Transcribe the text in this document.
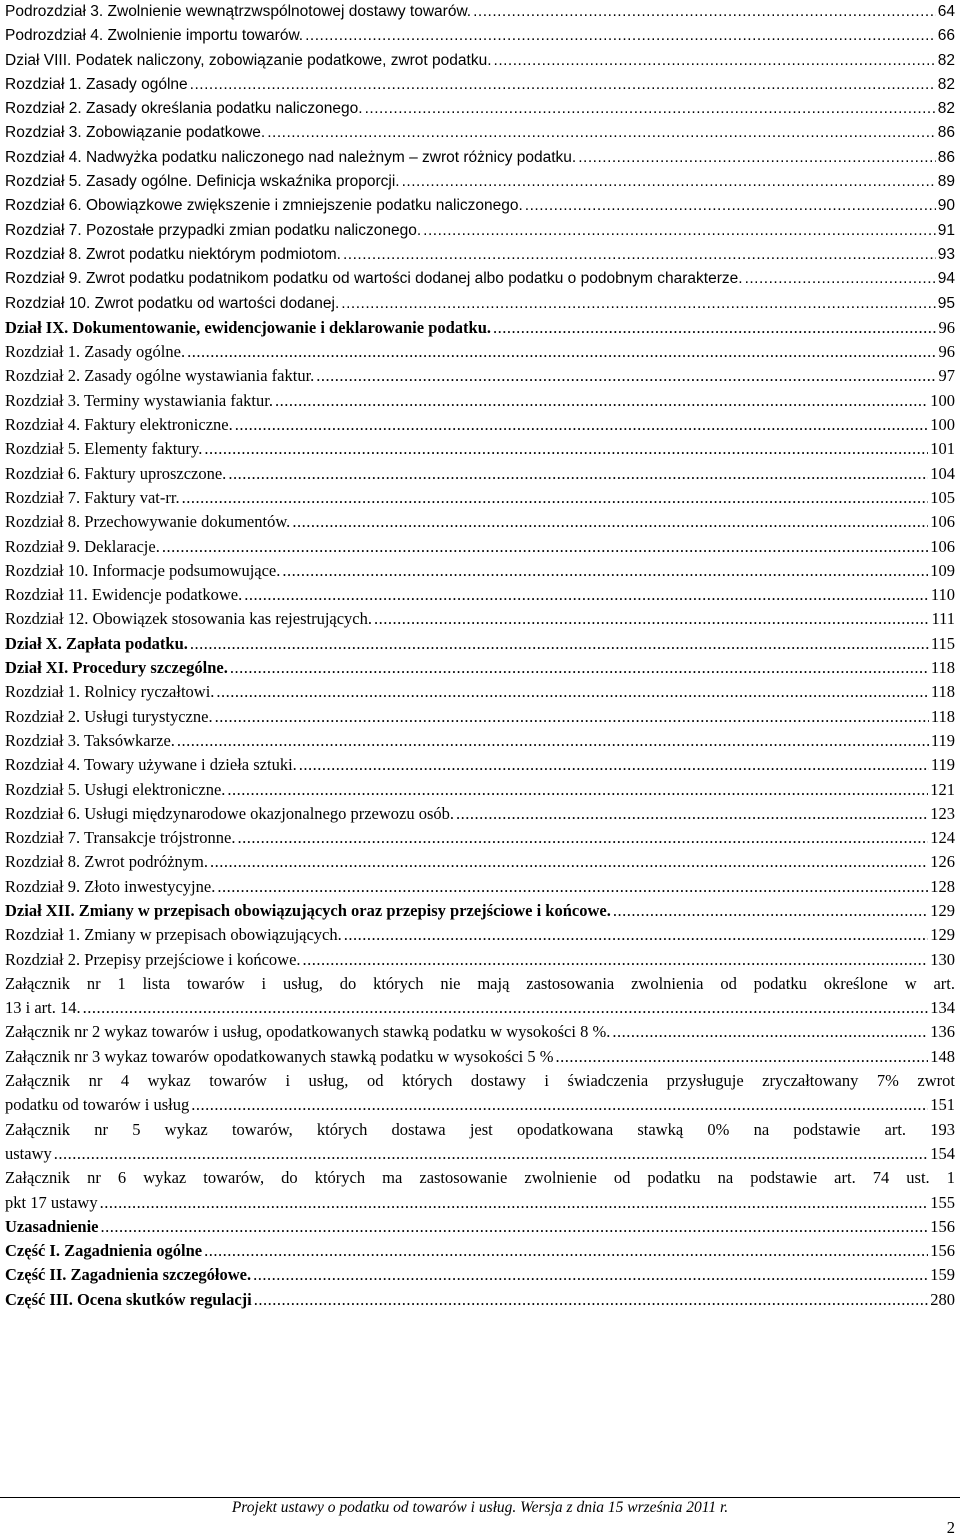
Podrozdział 3. Zwolnienie wewnątrzwspólnotowej dostawy towarów. .....	64
Podrozdział 4. Zwolnienie importu towarów. .....	66
Dział VIII. Podatek naliczony, zobowiązanie podatkowe, zwrot podatku. .....	82
Rozdział 1. Zasady ogólne .....	82
Rozdział 2. Zasady określania podatku naliczonego. .....	82
Rozdział 3. Zobowiązanie podatkowe. .....	86
Rozdział 4. Nadwyżka podatku naliczonego nad należnym – zwrot różnicy podatku. .....	86
Rozdział 5. Zasady ogólne. Definicja wskaźnika proporcji. .....	89
Rozdział 6. Obowiązkowe zwiększenie i zmniejszenie podatku naliczonego. .....	90
Rozdział 7. Pozostałe przypadki zmian podatku naliczonego. .....	91
Rozdział 8. Zwrot podatku niektórym podmiotom. .....	93
Rozdział 9. Zwrot podatku podatnikom podatku od wartości dodanej albo podatku o podobnym charakterze. .....	94
Rozdział 10. Zwrot podatku od wartości dodanej. .....	95
Dział IX. Dokumentowanie, ewidencjowanie i deklarowanie podatku. .....	96
Rozdział 1. Zasady ogólne. .....	96
Rozdział 2. Zasady ogólne wystawiania faktur. .....	97
Rozdział 3. Terminy wystawiania faktur. .....	100
Rozdział 4. Faktury elektroniczne. .....	100
Rozdział 5. Elementy faktury. .....	101
Rozdział 6. Faktury uproszczone. .....	104
Rozdział 7. Faktury vat-rr. .....	105
Rozdział 8. Przechowywanie dokumentów. .....	106
Rozdział 9. Deklaracje. .....	106
Rozdział 10. Informacje podsumowujące. .....	109
Rozdział 11. Ewidencje podatkowe. .....	110
Rozdział 12. Obowiązek stosowania kas rejestrujących. .....	111
Dział X. Zapłata podatku. .....	115
Dział XI. Procedury szczególne. .....	118
Rozdział 1. Rolnicy ryczałtowi. .....	118
Rozdział 2. Usługi turystyczne. .....	118
Rozdział 3. Taksówkarze. .....	119
Rozdział 4. Towary używane i dzieła sztuki. .....	119
Rozdział 5. Usługi elektroniczne. .....	121
Rozdział 6. Usługi międzynarodowe okazjonalnego przewozu osób. .....	123
Rozdział 7. Transakcje trójstronne. .....	124
Rozdział 8. Zwrot podróżnym. .....	126
Rozdział 9. Złoto inwestycyjne. .....	128
Dział XII. Zmiany w przepisach obowiązujących oraz przepisy przejściowe i końcowe. .....	129
Rozdział 1. Zmiany w przepisach obowiązujących. .....	129
Rozdział 2. Przepisy przejściowe i końcowe. .....	130
Załącznik nr 1 lista towarów i usług, do których nie mają zastosowania zwolnienia od podatku określone w art.
13 i art. 14. .....	134
Załącznik nr 2 wykaz towarów i usług, opodatkowanych stawką podatku w wysokości 8 %. .....	136
Załącznik nr 3 wykaz towarów opodatkowanych stawką podatku w wysokości 5 % .....	148
Załącznik nr 4 wykaz towarów i usług, od których dostawy i świadczenia przysługuje zryczałtowany 7% zwrot
podatku od towarów i usług .....	151
Załącznik nr 5 wykaz towarów, których dostawa jest opodatkowana stawką 0% na podstawie art. 193
ustawy .....	154
Załącznik nr 6 wykaz towarów, do których ma zastosowanie zwolnienie od podatku na podstawie art. 74 ust. 1
pkt 17 ustawy .....	155
Uzasadnienie .....	156
Część I. Zagadnienia ogólne .....	156
Część II. Zagadnienia szczegółowe. .....	159
Część III. Ocena skutków regulacji .....	280
Projekt ustawy o podatku od towarów i usług. Wersja z dnia 15 września 2011 r.
2
